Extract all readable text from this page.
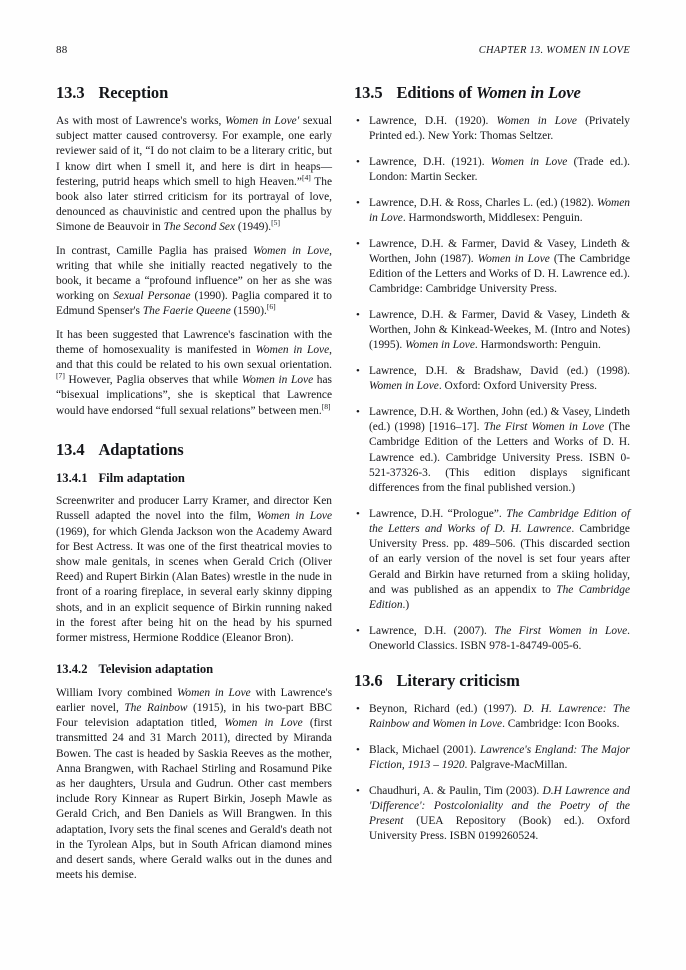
88	CHAPTER 13. WOMEN IN LOVE
13.3 Reception

As with most of Lawrence's works, Women in Love' sexual subject matter caused controversy. For example, one early reviewer said of it, “I do not claim to be a literary critic, but I know dirt when I smell it, and here is dirt in heaps—festering, putrid heaps which smell to high Heaven.”[4] The book also later stirred criticism for its portrayal of love, denounced as chauvinistic and centred upon the phallus by Simone de Beauvoir in The Second Sex (1949).[5]

In contrast, Camille Paglia has praised Women in Love, writing that while she initially reacted negatively to the book, it became a “profound influence” on her as she was working on Sexual Personae (1990). Paglia compared it to Edmund Spenser's The Faerie Queene (1590).[6]

It has been suggested that Lawrence's fascination with the theme of homosexuality is manifested in Women in Love, and that this could be related to his own sexual orientation.[7] However, Paglia observes that while Women in Love has “bisexual implications”, she is skeptical that Lawrence would have endorsed “full sexual relations” between men.[8]

13.4 Adaptations
13.4.1 Film adaptation

Screenwriter and producer Larry Kramer, and director Ken Russell adapted the novel into the film, Women in Love (1969), for which Glenda Jackson won the Academy Award for Best Actress. It was one of the first theatrical movies to show male genitals, in scenes when Gerald Crich (Oliver Reed) and Rupert Birkin (Alan Bates) wrestle in the nude in front of a roaring fireplace, in several early skinny dipping shots, and in an explicit sequence of Birkin running naked in the forest after being hit on the head by his spurned former mistress, Hermione Roddice (Eleanor Bron).

13.4.2 Television adaptation

William Ivory combined Women in Love with Lawrence's earlier novel, The Rainbow (1915), in his two-part BBC Four television adaptation titled, Women in Love (first transmitted 24 and 31 March 2011), directed by Miranda Bowen. The cast is headed by Saskia Reeves as the mother, Anna Brangwen, with Rachael Stirling and Rosamund Pike as her daughters, Ursula and Gudrun. Other cast members include Rory Kinnear as Rupert Birkin, Joseph Mawle as Gerald Crich, and Ben Daniels as Will Brangwen. In this adaptation, Ivory sets the final scenes and Gerald's death not in the Tyrolean Alps, but in South African diamond mines and desert sands, where Gerald walks out in the dunes and meets his demise.

13.5 Editions of Women in Love
• Lawrence, D.H. (1920). Women in Love (Privately Printed ed.). New York: Thomas Seltzer.
• Lawrence, D.H. (1921). Women in Love (Trade ed.). London: Martin Secker.
• Lawrence, D.H. & Ross, Charles L. (ed.) (1982). Women in Love. Harmondsworth, Middlesex: Penguin.
• Lawrence, D.H. & Farmer, David & Vasey, Lindeth & Worthen, John (1987). Women in Love (The Cambridge Edition of the Letters and Works of D. H. Lawrence ed.). Cambridge: Cambridge University Press.
• Lawrence, D.H. & Farmer, David & Vasey, Lindeth & Worthen, John & Kinkead-Weekes, M. (Intro and Notes) (1995). Women in Love. Harmondsworth: Penguin.
• Lawrence, D.H. & Bradshaw, David (ed.) (1998). Women in Love. Oxford: Oxford University Press.
• Lawrence, D.H. & Worthen, John (ed.) & Vasey, Lindeth (ed.) (1998) [1916–17]. The First Women in Love (The Cambridge Edition of the Letters and Works of D. H. Lawrence ed.). Cambridge University Press. ISBN 0-521-37326-3. (This edition displays significant differences from the final published version.)
• Lawrence, D.H. “Prologue”. The Cambridge Edition of the Letters and Works of D. H. Lawrence. Cambridge University Press. pp. 489–506. (This discarded section of an early version of the novel is set four years after Gerald and Birkin have returned from a skiing holiday, and was published as an appendix to The Cambridge Edition.)
• Lawrence, D.H. (2007). The First Women in Love. Oneworld Classics. ISBN 978-1-84749-005-6.
13.6 Literary criticism
• Beynon, Richard (ed.) (1997). D. H. Lawrence: The Rainbow and Women in Love. Cambridge: Icon Books.
• Black, Michael (2001). Lawrence's England: The Major Fiction, 1913 – 1920. Palgrave-MacMillan.
• Chaudhuri, A. & Paulin, Tim (2003). D.H Lawrence and 'Difference': Postcoloniality and the Poetry of the Present (UEA Repository (Book) ed.). Oxford University Press. ISBN 0199260524.
